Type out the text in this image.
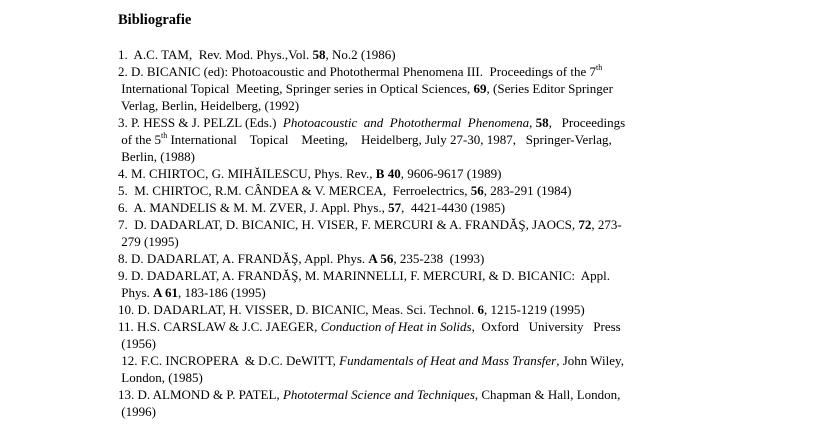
Bibliografie
1.  A.C. TAM,  Rev. Mod. Phys.,Vol. 58, No.2 (1986)
2. D. BICANIC (ed): Photoacoustic and Photothermal Phenomena III.  Proceedings of the 7th
International Topical  Meeting, Springer series in Optical Sciences, 69, (Series Editor Springer
Verlag, Berlin, Heidelberg, (1992)
3. P. HESS & J. PELZL (Eds.)  Photoacoustic  and  Photothermal  Phenomena, 58,   Proceedings
of the 5th International    Topical    Meeting,    Heidelberg, July 27-30, 1987,   Springer-Verlag,
Berlin, (1988)
4. M. CHIRTOC, G. MIHĂILESCU, Phys. Rev., B 40, 9606-9617 (1989)
5.  M. CHIRTOC, R.M. CÂNDEA & V. MERCEA,  Ferroelectrics, 56, 283-291 (1984)
6.  A. MANDELIS & M. M. ZVER, J. Appl. Phys., 57,  4421-4430 (1985)
7.  D. DADARLAT, D. BICANIC, H. VISER, F. MERCURI & A. FRANDĂŞ, JAOCS, 72, 273-
279 (1995)
8. D. DADARLAT, A. FRANDĂŞ, Appl. Phys. A 56, 235-238  (1993)
9. D. DADARLAT, A. FRANDĂŞ, M. MARINNELLI, F. MERCURI, & D. BICANIC:  Appl.
Phys. A 61, 183-186 (1995)
10. D. DADARLAT, H. VISSER, D. BICANIC, Meas. Sci. Technol. 6, 1215-1219 (1995)
11. H.S. CARSLAW & J.C. JAEGER, Conduction of Heat in Solids,  Oxford   University   Press
(1956)
12. F.C. INCROPERA  & D.C. DeWITT, Fundamentals of Heat and Mass Transfer, John Wiley,
London, (1985)
13. D. ALMOND & P. PATEL, Phototermal Science and Techniques, Chapman & Hall, London,
(1996)
